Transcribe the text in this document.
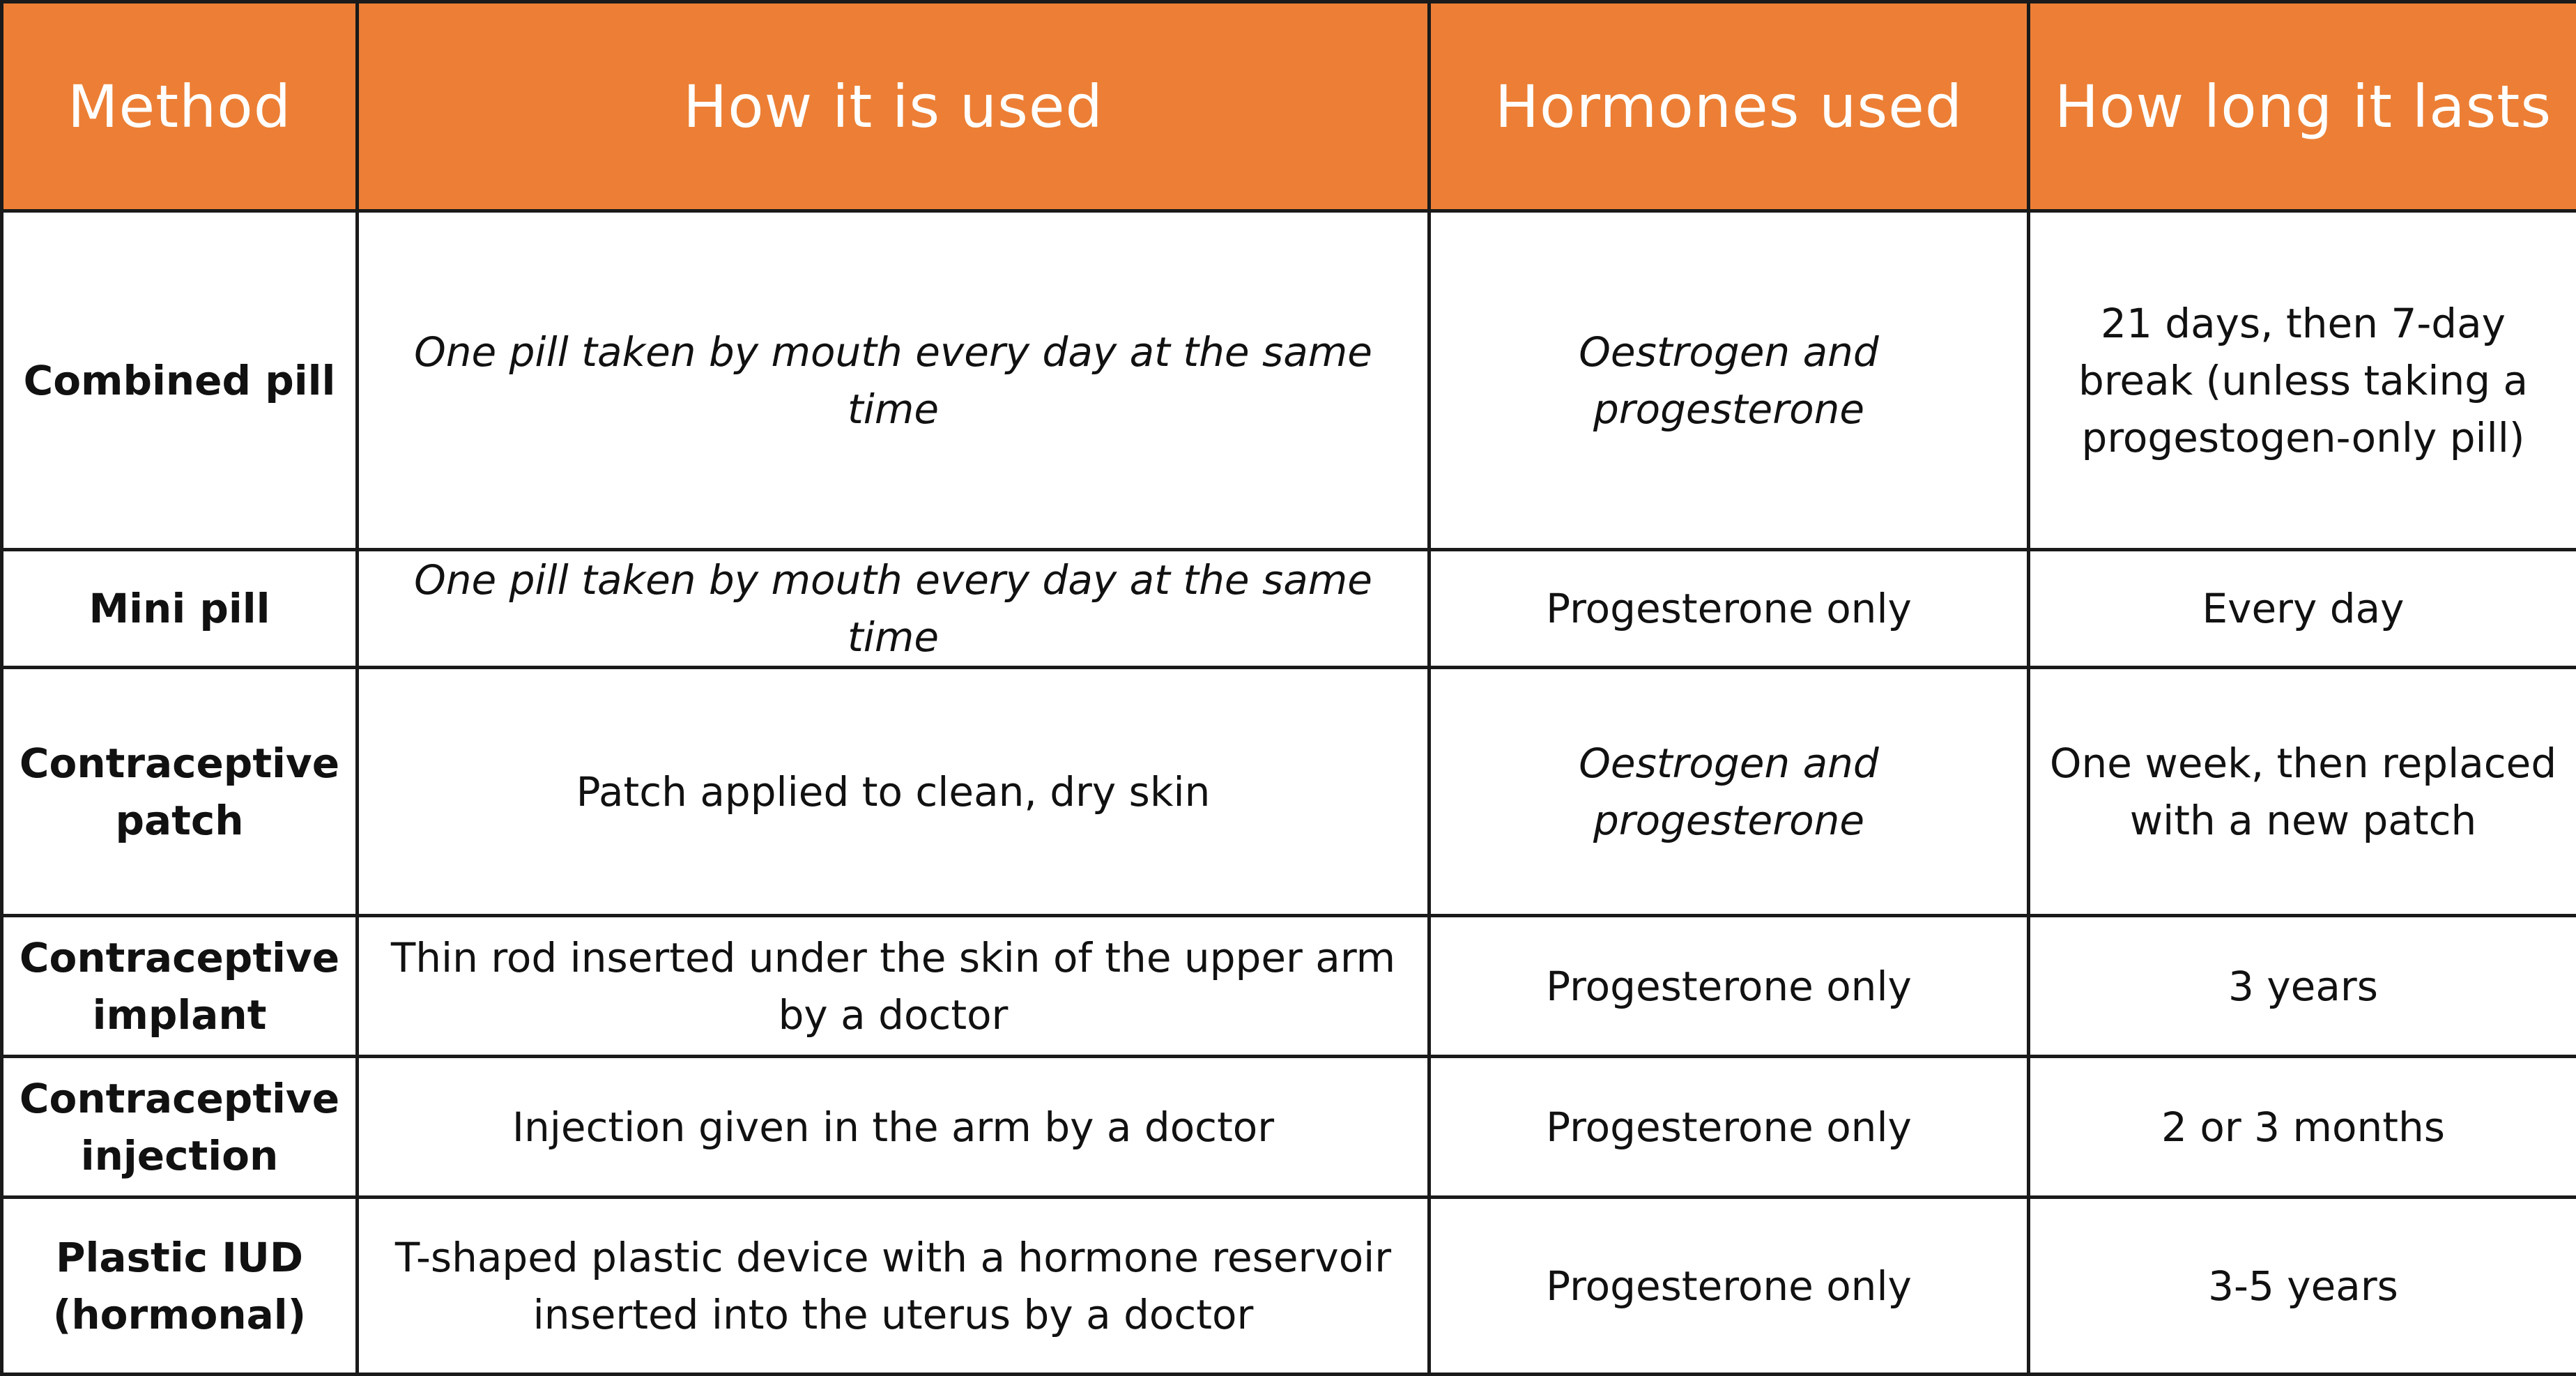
Method	How it is used	Hormones used	How long it lasts
Combined pill	One pill taken by mouth every day at the same time	Oestrogen and progesterone	21 days, then 7-day break (unless taking a progestogen-only pill)
Mini pill	One pill taken by mouth every day at the same time	Progesterone only	Every day
Contraceptive patch	Patch applied to clean, dry skin	Oestrogen and progesterone	One week, then replaced with a new patch
Contraceptive implant	Thin rod inserted under the skin of the upper arm by a doctor	Progesterone only	3 years
Contraceptive injection	Injection given in the arm by a doctor	Progesterone only	2 or 3 months
Plastic IUD (hormonal)	T-shaped plastic device with a hormone reservoir inserted into the uterus by a doctor	Progesterone only	3-5 years
